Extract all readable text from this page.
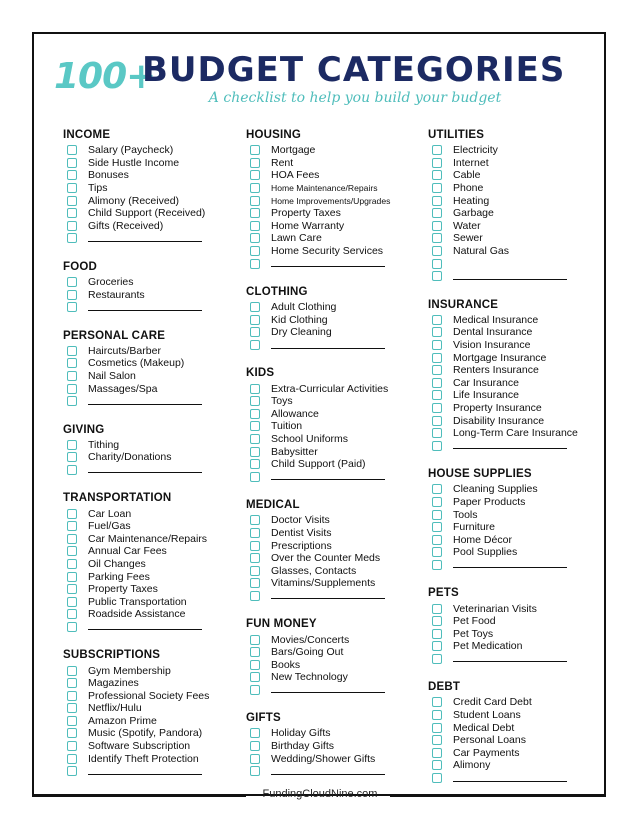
100+
BUDGET CATEGORIES
A checklist to help you build your budget
INCOME
Salary (Paycheck)
Side Hustle Income
Bonuses
Tips
Alimony (Received)
Child Support (Received)
Gifts (Received)
FOOD
Groceries
Restaurants
PERSONAL CARE
Haircuts/Barber
Cosmetics (Makeup)
Nail Salon
Massages/Spa
GIVING
Tithing
Charity/Donations
TRANSPORTATION
Car Loan
Fuel/Gas
Car Maintenance/Repairs
Annual Car Fees
Oil Changes
Parking Fees
Property Taxes
Public Transportation
Roadside Assistance
SUBSCRIPTIONS
Gym Membership
Magazines
Professional Society Fees
Netflix/Hulu
Amazon Prime
Music (Spotify, Pandora)
Software Subscription
Identify Theft Protection
HOUSING
Mortgage
Rent
HOA Fees
Home Maintenance/Repairs
Home Improvements/Upgrades
Property Taxes
Home Warranty
Lawn Care
Home Security Services
CLOTHING
Adult Clothing
Kid Clothing
Dry Cleaning
KIDS
Extra-Curricular Activities
Toys
Allowance
Tuition
School Uniforms
Babysitter
Child Support (Paid)
MEDICAL
Doctor Visits
Dentist Visits
Prescriptions
Over the Counter Meds
Glasses, Contacts
Vitamins/Supplements
FUN MONEY
Movies/Concerts
Bars/Going Out
Books
New Technology
GIFTS
Holiday Gifts
Birthday Gifts
Wedding/Shower Gifts
UTILITIES
Electricity
Internet
Cable
Phone
Heating
Garbage
Water
Sewer
Natural Gas
INSURANCE
Medical Insurance
Dental Insurance
Vision Insurance
Mortgage Insurance
Renters Insurance
Car Insurance
Life Insurance
Property Insurance
Disability Insurance
Long-Term Care Insurance
HOUSE SUPPLIES
Cleaning Supplies
Paper Products
Tools
Furniture
Home Décor
Pool Supplies
PETS
Veterinarian Visits
Pet Food
Pet Toys
Pet Medication
DEBT
Credit Card Debt
Student Loans
Medical Debt
Personal Loans
Car Payments
Alimony
FundingCloudNine.com
